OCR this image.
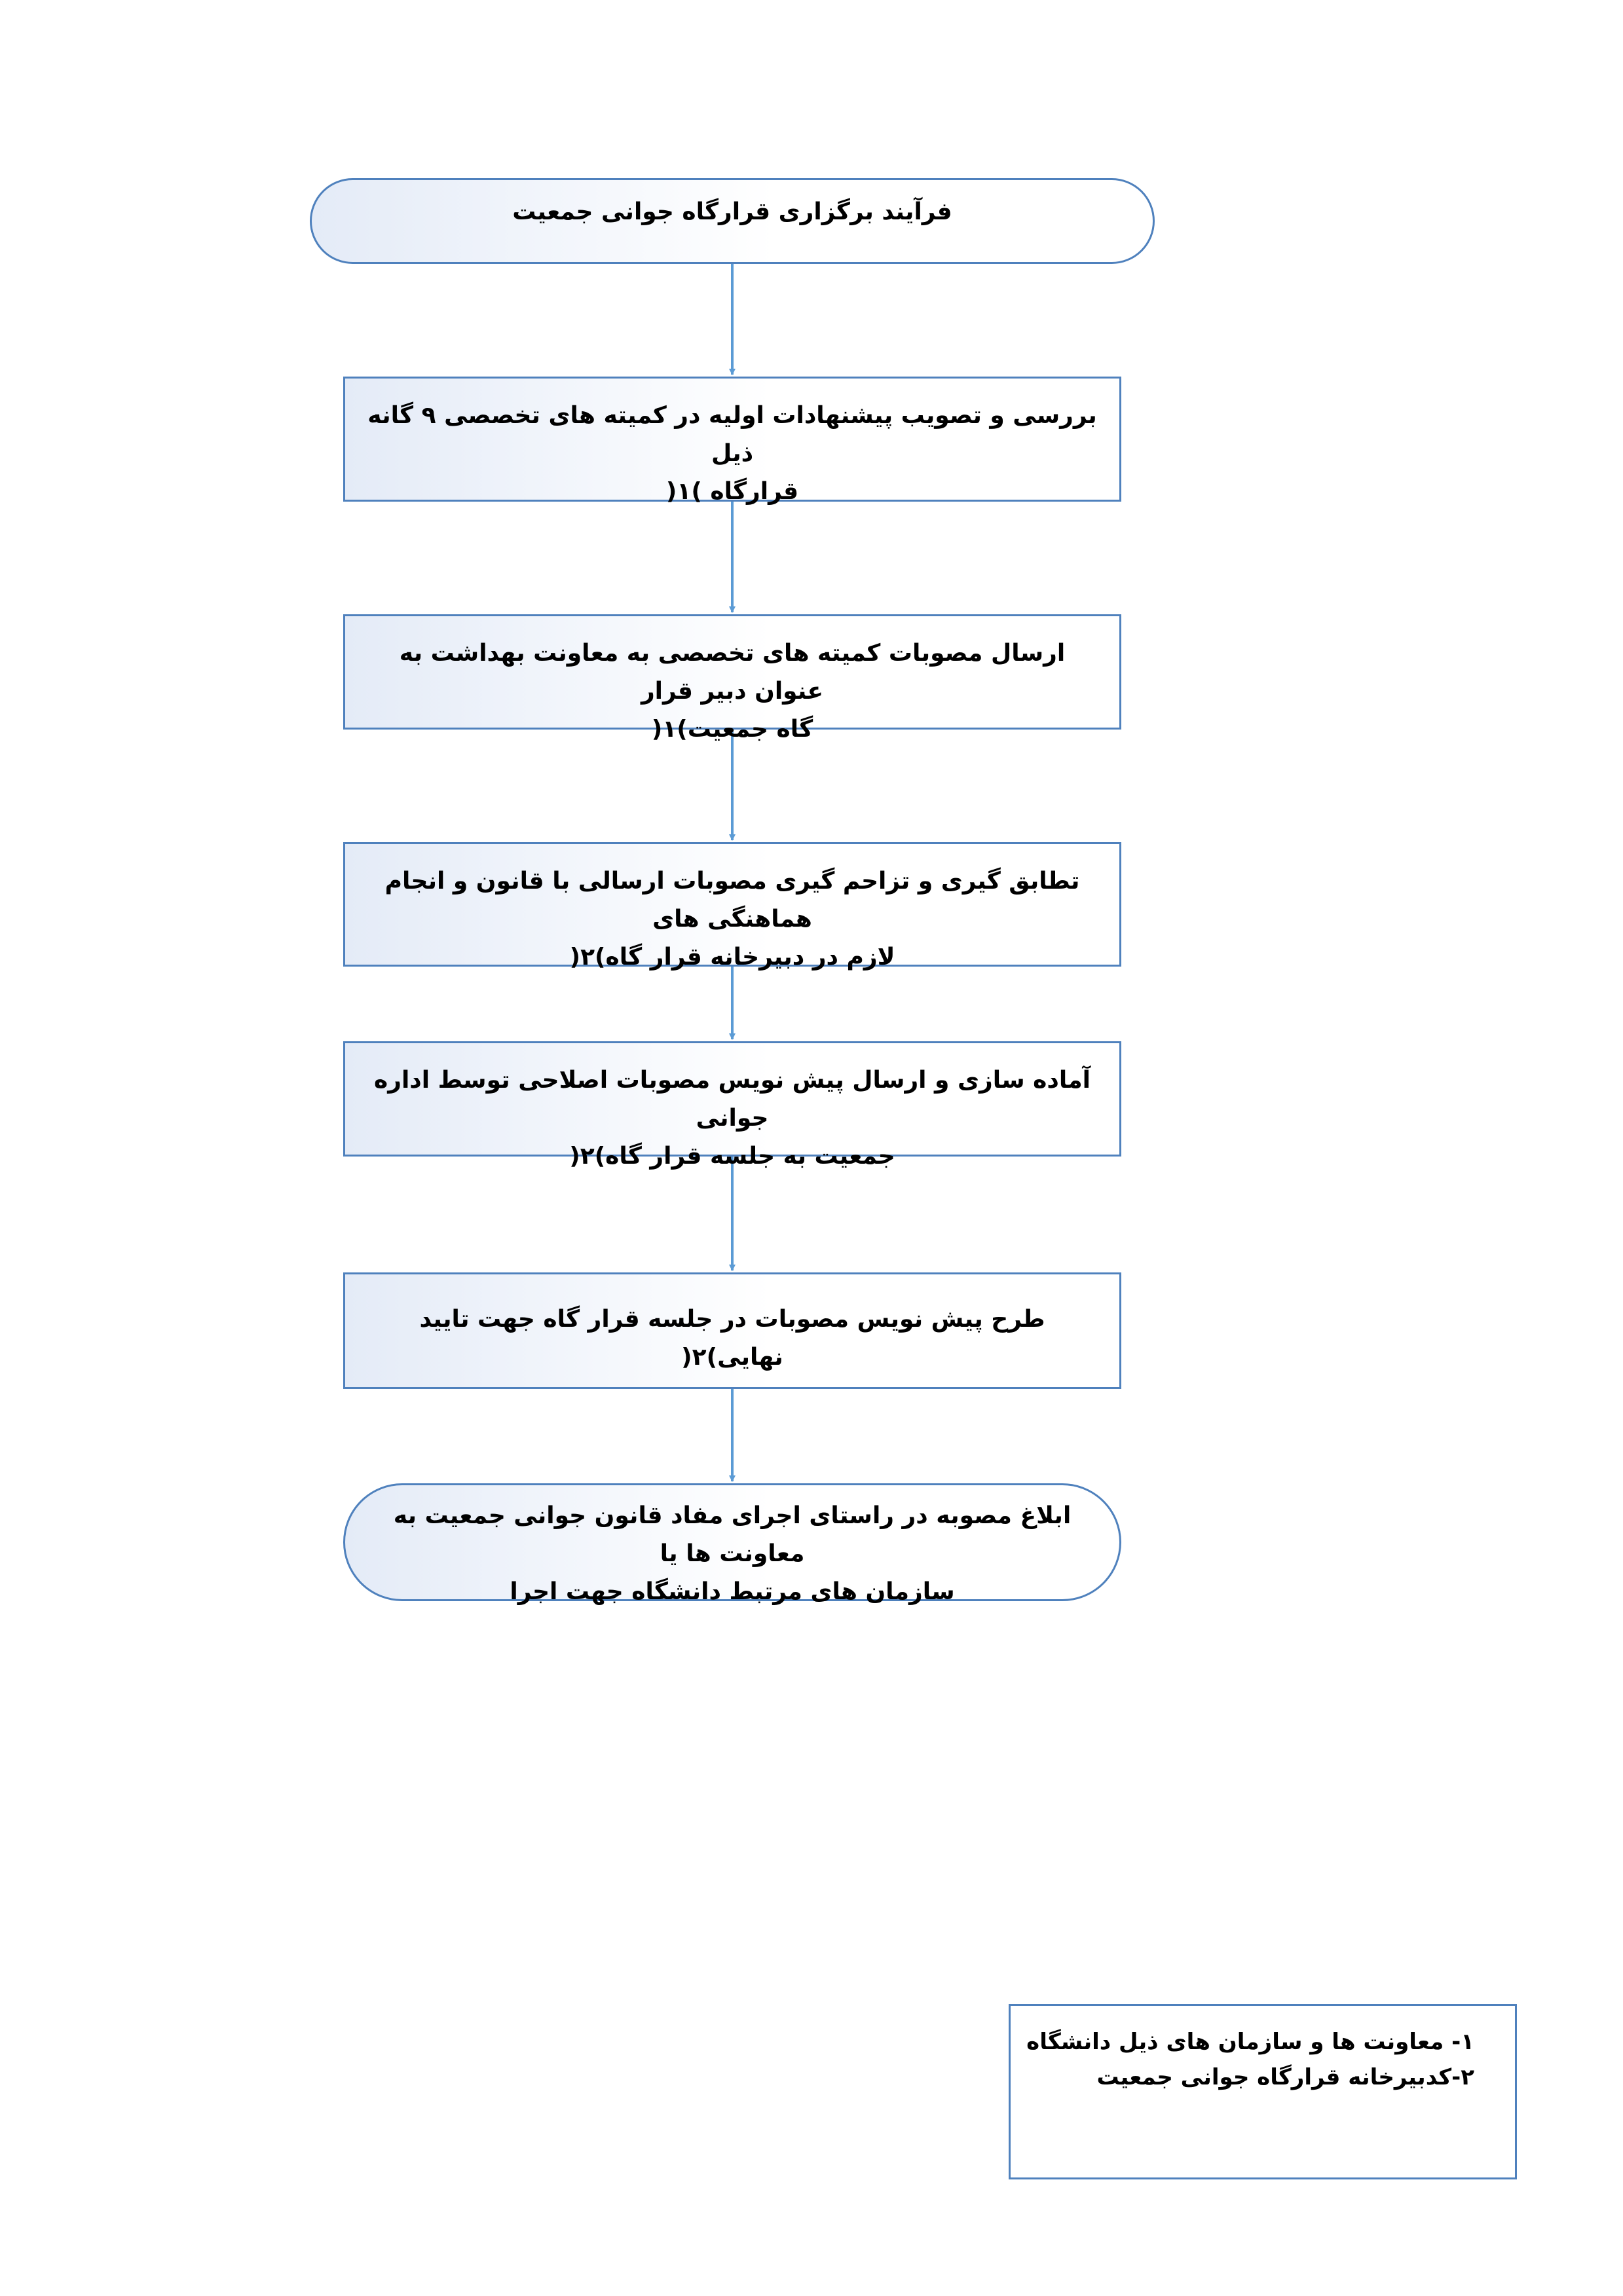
فرآیند برگزاری قرارگاه جوانی جمعیت
بررسی و تصویب پیشنهادات اولیه در کمیته های تخصصی ۹ گانه ذیل
قرارگاه )۱(
ارسال مصوبات کمیته های تخصصی به معاونت بهداشت به عنوان دبیر قرار
گاه جمعیت)۱(
تطابق گیری و تزاحم گیری مصوبات ارسالی با قانون و انجام هماهنگی های
لازم در دبیرخانه قرار گاه)۲(
آماده سازی و ارسال پیش نویس مصوبات اصلاحی توسط اداره جوانی
جمعیت به جلسه قرار گاه)۲(
طرح پیش نویس مصوبات در جلسه قرار گاه جهت تایید نهایی)۲(
ابلاغ مصوبه در راستای اجرای مفاد قانون جوانی جمعیت به معاونت ها یا
سازمان های مرتبط دانشگاه جهت اجرا
۱- معاونت ها و سازمان های ذیل دانشگاه
۲-کدبیرخانه قرارگاه جوانی جمعیت
